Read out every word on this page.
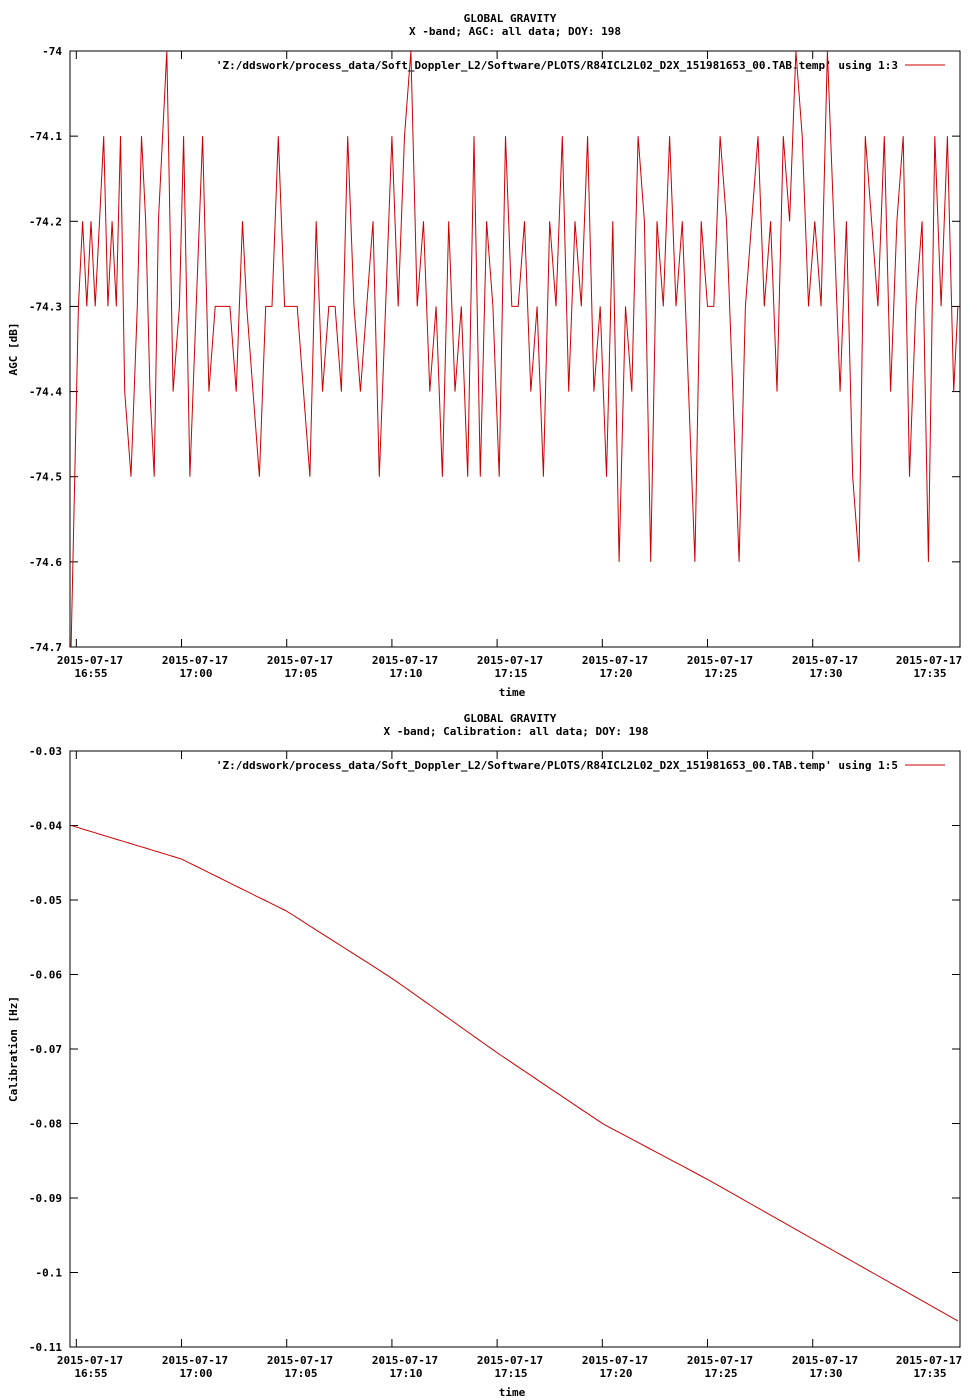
GLOBAL GRAVITY
X -band; AGC: all data; DOY: 198
-74
-74.1
-74.2
-74.3
-74.4
-74.5
-74.6
-74.7
2015-07-17
16:55
2015-07-17
17:00
2015-07-17
17:05
2015-07-17
17:10
2015-07-17
17:15
2015-07-17
17:20
2015-07-17
17:25
2015-07-17
17:30
2015-07-17
17:35
AGC [dB]
time
'Z:/ddswork/process_data/Soft_Doppler_L2/Software/PLOTS/R84ICL2L02_D2X_151981653_00.TAB.temp' using 1:3
GLOBAL GRAVITY
X -band; Calibration: all data; DOY: 198
-0.03
-0.04
-0.05
-0.06
-0.07
-0.08
-0.09
-0.1
-0.11
2015-07-17
16:55
2015-07-17
17:00
2015-07-17
17:05
2015-07-17
17:10
2015-07-17
17:15
2015-07-17
17:20
2015-07-17
17:25
2015-07-17
17:30
2015-07-17
17:35
Calibration [Hz]
time
'Z:/ddswork/process_data/Soft_Doppler_L2/Software/PLOTS/R84ICL2L02_D2X_151981653_00.TAB.temp' using 1:5
